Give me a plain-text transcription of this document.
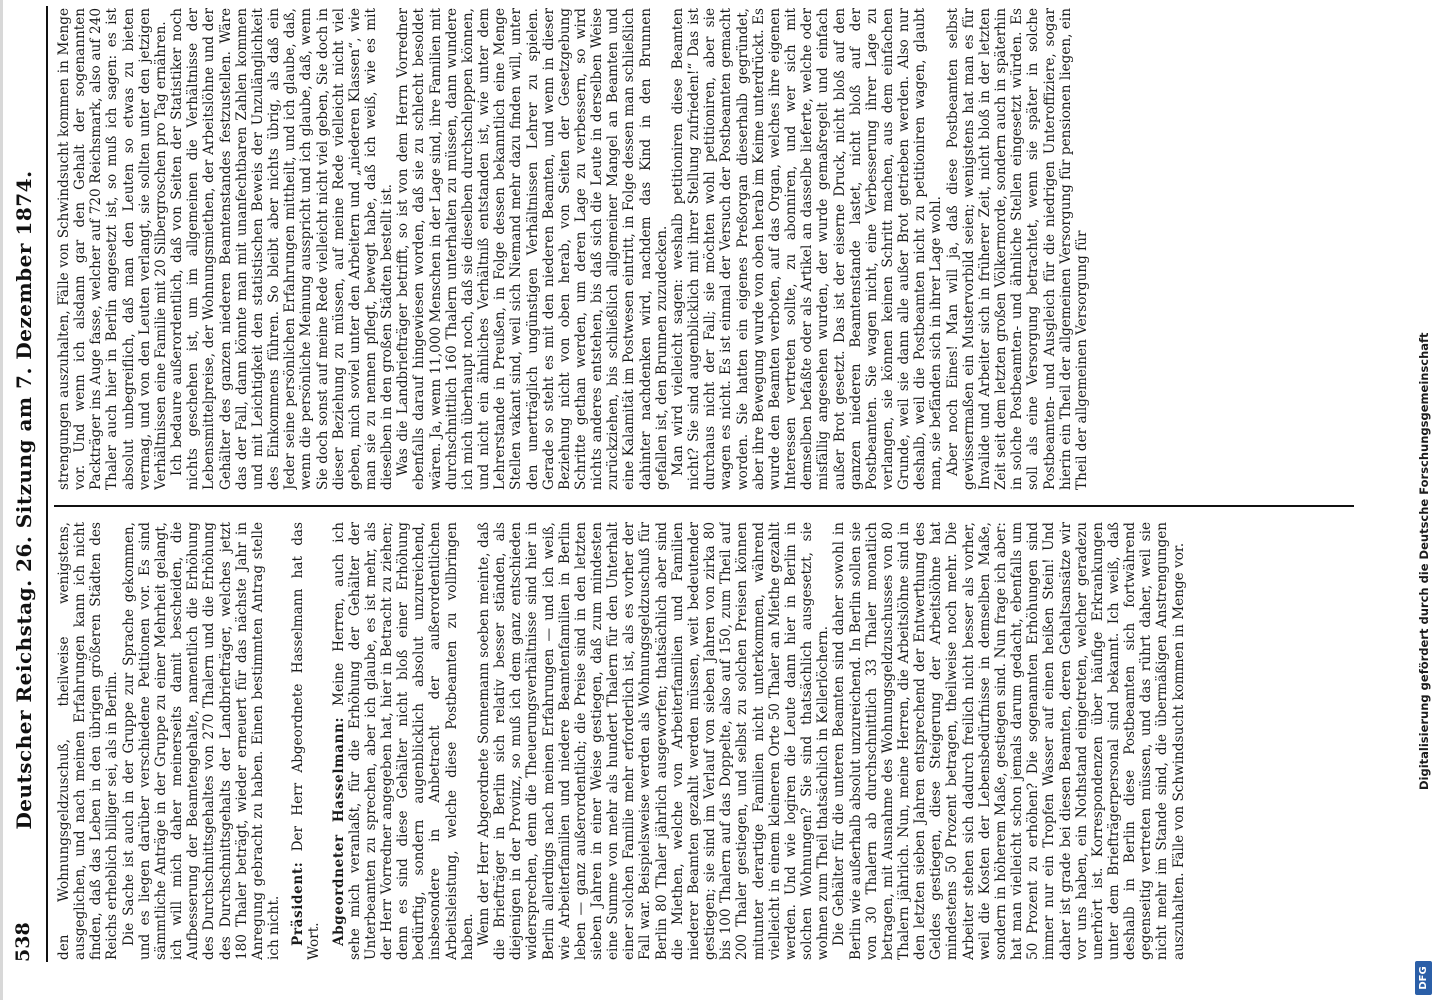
538
Deutscher Reichstag. 26. Sitzung am 7. Dezember 1874. den Wohnungsgeldzuschuß, theilweise wenigstens, ausgeglichen, und nach meinen Erfahrungen kann ich nicht finden, daß das Leben in den übrigen größeren Städten des Reichs erheblich billiger sei, als in Berlin. Die Sache ist auch in der Gruppe zur Sprache gekommen, und es liegen darüber verschiedene Petitionen vor. Es sind sämmtliche Anträge in der Gruppe zu einer Mehrheit gelangt, ich will mich daher meinerseits damit bescheiden, die Aufbesserung der Beamtengehalte, namentlich die Erhöhung des Durchschnittsgehaltes von 270 Thalern und die Erhöhung des Durchschnittsgehalts der Landbriefträger, welches jetzt 180 Thaler beträgt, wieder erneuert für das nächste Jahr in Anregung gebracht zu haben. Einen bestimmten Antrag stelle ich nicht. Präsident: Der Herr Abgeordnete Hasselmann hat das Wort. Abgeordneter Hasselmann: Meine Herren, auch ich sehe mich veranlaßt, für die Erhöhung der Gehälter der Unterbeamten zu sprechen, aber ich glaube, es ist mehr, als der Herr Vorredner angegeben hat, hier in Betracht zu ziehen; denn es sind diese Gehälter nicht bloß einer Erhöhung bedürftig, sondern augenblicklich absolut unzureichend, insbesondere in Anbetracht der außerordentlichen Arbeitsleistung, welche diese Postbeamten zu vollbringen haben. Wenn der Herr Abgeordnete Sonnemann soeben meinte, daß die Briefträger in Berlin sich relativ besser ständen, als diejenigen in der Provinz, so muß ich dem ganz entschieden widersprechen, denn die Theuerungsverhältnisse sind hier in Berlin allerdings nach meinen Erfahrungen — und ich weiß, wie Arbeiterfamilien und niedere Beamtenfamilien in Berlin leben — ganz außerordentlich; die Preise sind in den letzten sieben Jahren in einer Weise gestiegen, daß zum mindesten eine Summe von mehr als hundert Thalern für den Unterhalt einer solchen Familie mehr erforderlich ist, als es vorher der Fall war. Beispielsweise werden als Wohnungsgeldzuschuß für Berlin 80 Thaler jährlich ausgeworfen; thatsächlich aber sind die Miethen, welche von Arbeiterfamilien und Familien niederer Beamten gezahlt werden müssen, weit bedeutender gestiegen; sie sind im Verlauf von sieben Jahren von zirka 80 bis 100 Thalern auf das Doppelte, also auf 150, zum Theil auf 200 Thaler gestiegen, und selbst zu solchen Preisen können mitunter derartige Familien nicht unterkommen, während vielleicht in einem kleineren Orte 50 Thaler an Miethe gezahlt werden. Und wie logiren die Leute dann hier in Berlin in solchen Wohnungen? Sie sind thatsächlich ausgesetzt, sie wohnen zum Theil thatsächlich in Kellerlöchern. Die Gehälter für die unteren Beamten sind daher sowohl in Berlin wie außerhalb absolut unzureichend. In Berlin sollen sie von 30 Thalern ab durchschnittlich 33 Thaler monatlich betragen, mit Ausnahme des Wohnungsgeldzuschusses von 80 Thalern jährlich. Nun, meine Herren, die Arbeitslöhne sind in den letzten sieben Jahren entsprechend der Entwerthung des Geldes gestiegen, diese Steigerung der Arbeitslöhne hat mindestens 50 Prozent betragen, theilweise noch mehr. Die Arbeiter stehen sich dadurch freilich nicht besser als vorher, weil die Kosten der Lebensbedürfnisse in demselben Maße, sondern in höherem Maße, gestiegen sind. Nun frage ich aber: hat man vielleicht schon jemals darum gedacht, ebenfalls um 50 Prozent zu erhöhen? Die sogenannten Erhöhungen sind immer nur ein Tropfen Wasser auf einen heißen Stein! Und daher ist grade bei diesen Beamten, deren Gehaltsansätze wir vor uns haben, ein Nothstand eingetreten, welcher geradezu unerhört ist. Korrespondenzen über häufige Erkrankungen unter dem Briefträgerpersonal sind bekannt. Ich weiß, daß deshalb in Berlin diese Postbeamten sich fortwährend gegenseitig vertreten müssen, und das rührt daher, weil sie nicht mehr im Stande sind, die übermäßigen Anstrengungen auszuhalten. Fälle von Schwindsucht kommen in Menge vor.

strengungen auszuhalten, Fälle von Schwindsucht kommen in Menge vor. Und wenn ich alsdann gar den Gehalt der sogenannten Packträger ins Auge fasse, welcher auf 720 Reichsmark, also auf 240 Thaler auch hier in Berlin angesetzt ist, so muß ich sagen: es ist absolut unbegreiflich, daß man den Leuten so etwas zu bieten vermag, und von den Leuten verlangt, sie sollten unter den jetzigen Verhältnissen eine Familie mit 20 Silbergroschen pro Tag ernähren. Ich bedaure außerordentlich, daß von Seiten der Statistiker noch nichts geschehen ist, um im allgemeinen die Verhältnisse der Lebensmittelpreise, der Wohnungsmiethen, der Arbeitslöhne und der Gehälter des ganzen niederen Beamtenstandes festzustellen. Wäre das der Fall, dann könnte man mit unanfechtbaren Zahlen kommen und mit Leichtigkeit den statistischen Beweis der Unzulänglichkeit des Einkommens führen. So bleibt aber nichts übrig, als daß ein Jeder seine persönlichen Erfahrungen mittheilt, und ich glaube, daß, wenn die persönliche Meinung ausspricht und ich glaube, daß, wenn Sie doch sonst auf meine Rede vielleicht nicht viel geben, Sie doch in dieser Beziehung zu müssen, auf meine Rede vielleicht nicht viel geben, mich soviel unter den Arbeitern und „niederen Klassen“, wie man sie zu nennen pflegt, bewegt habe, daß ich weiß, wie es mit dieselben in den großen Städten bestellt ist. Was die Landbriefträger betrifft, so ist von dem Herrn Vorredner ebenfalls darauf hingewiesen worden, daß sie zu schlecht besoldet wären. Ja, wenn 11,000 Menschen in der Lage sind, ihre Familien mit durchschnittlich 160 Thalern unterhalten zu müssen, dann wundere ich mich überhaupt noch, daß sie dieselben durchschleppen können, und nicht ein ähnliches Verhältniß entstanden ist, wie unter dem Lehrerstande in Preußen, in Folge dessen bekanntlich eine Menge Stellen vakant sind, weil sich Niemand mehr dazu finden will, unter den unerträglich ungünstigen Verhältnissen Lehrer zu spielen. Gerade so steht es mit den niederen Beamten, und wenn in dieser Beziehung nicht von oben herab, von Seiten der Gesetzgebung Schritte gethan werden, um deren Lage zu verbessern, so wird nichts anderes entstehen, bis daß sich die Leute in derselben Weise zurückziehen, bis schließlich allgemeiner Mangel an Beamten und eine Kalamität im Postwesen eintritt, in Folge dessen man schließlich dahinter nachdenken wird, nachdem das Kind in den Brunnen gefallen ist, den Brunnen zuzudecken. Man wird vielleicht sagen: weshalb petitioniren diese Beamten nicht? Sie sind augenblicklich mit ihrer Stellung zufrieden!“ Das ist durchaus nicht der Fall; sie möchten wohl petitioniren, aber sie wagen es nicht. Es ist einmal der Versuch der Postbeamten gemacht worden. Sie hatten ein eigenes Preßorgan dieserhalb gegründet, aber ihre Bewegung wurde von oben herab im Keime unterdrückt. Es wurde den Beamten verboten, auf das Organ, welches ihre eigenen Interessen vertreten sollte, zu abonniren, und wer sich mit demselben befaßte oder als Artikel an dasselbe lieferte, welche oder misfällig angesehen wurden, der wurde gemaßregelt und einfach außer Brot gesetzt. Das ist der eiserne Druck, nicht bloß auf den ganzen niederen Beamtenstande lastet, nicht bloß auf der Postbeamten. Sie wagen nicht, eine Verbesserung ihrer Lage zu verlangen, sie können keinen Schritt machen, aus dem einfachen Grunde, weil sie dann alle außer Brot getrieben werden. Also nur deshalb, weil die Postbeamten nicht zu petitioniren wagen, glaubt man, sie befänden sich in ihrer Lage wohl. Aber noch Eines! Man will ja, daß diese Postbeamten selbst gewissermaßen ein Mustervorbild seien; wenigstens hat man es für Invalide und Arbeiter sich in früherer Zeit, nicht bloß in der letzten Zeit seit dem letzten großen Völkermorde, sondern auch in späterhin in solche Postbeamten- und ähnliche Stellen eingesetzt würden. Es soll als eine Versorgung betrachtet, wenn sie später in solche Postbeamten- und Ausgleich für die niedrigen Unteroffiziere, sogar hierin ein Theil der allgemeinen Versorgung für pensionen liegen, ein Theil der allgemeinen Versorgung für

DFG
Digitalisierung gefördert durch die Deutsche Forschungsgemeinschaft
